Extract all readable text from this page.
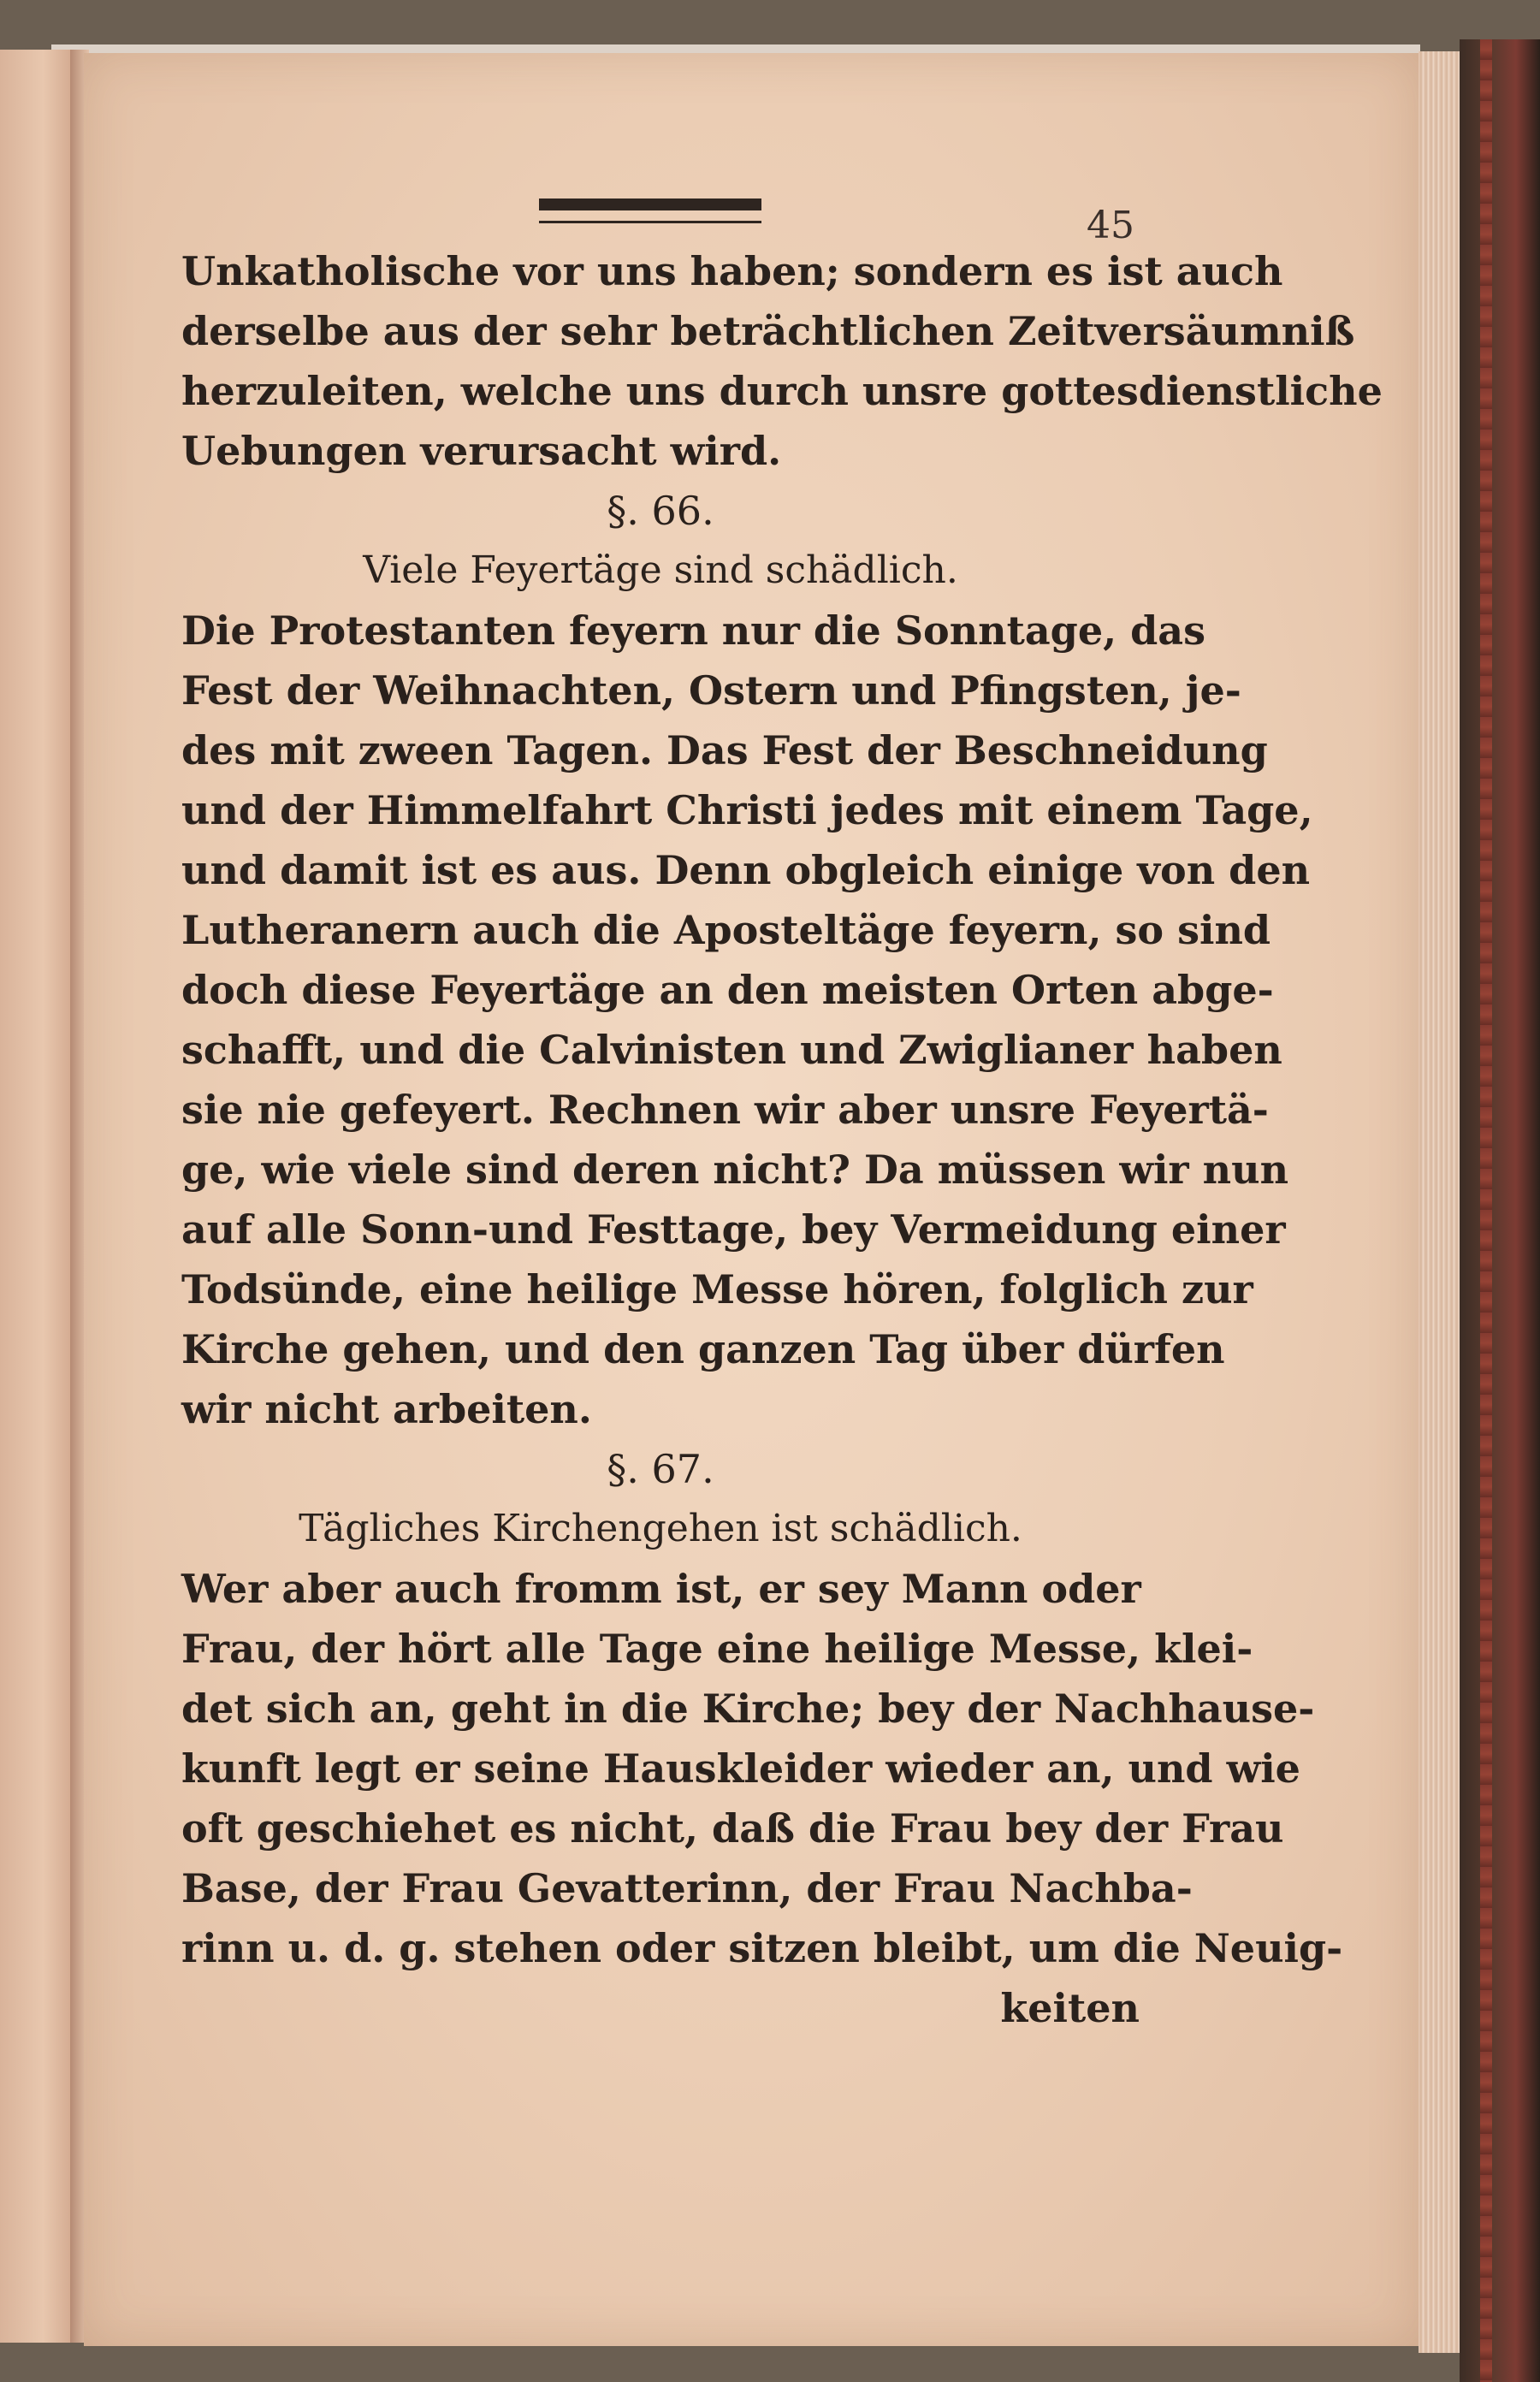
45
Unkatholische vor uns haben; sondern es ist auch
derselbe aus der sehr beträchtlichen Zeitversäumniß
herzuleiten, welche uns durch unsre gottesdienstliche
Uebungen verursacht wird.
§. 66.
Viele Feyertäge sind schädlich.
Die Protestanten feyern nur die Sonntage, das
Fest der Weihnachten, Ostern und Pfingsten, je-
des mit zween Tagen. Das Fest der Beschneidung
und der Himmelfahrt Christi jedes mit einem Tage,
und damit ist es aus. Denn obgleich einige von den
Lutheranern auch die Aposteltäge feyern, so sind
doch diese Feyertäge an den meisten Orten abge-
schafft, und die Calvinisten und Zwiglianer haben
sie nie gefeyert. Rechnen wir aber unsre Feyertä-
ge, wie viele sind deren nicht? Da müssen wir nun
auf alle Sonn-und Festtage, bey Vermeidung einer
Todsünde, eine heilige Messe hören, folglich zur
Kirche gehen, und den ganzen Tag über dürfen
wir nicht arbeiten.
§. 67.
Tägliches Kirchengehen ist schädlich.
Wer aber auch fromm ist, er sey Mann oder
Frau, der hört alle Tage eine heilige Messe, klei-
det sich an, geht in die Kirche; bey der Nachhause-
kunft legt er seine Hauskleider wieder an, und wie
oft geschiehet es nicht, daß die Frau bey der Frau
Base, der Frau Gevatterinn, der Frau Nachba-
rinn u. d. g. stehen oder sitzen bleibt, um die Neuig-
keiten
